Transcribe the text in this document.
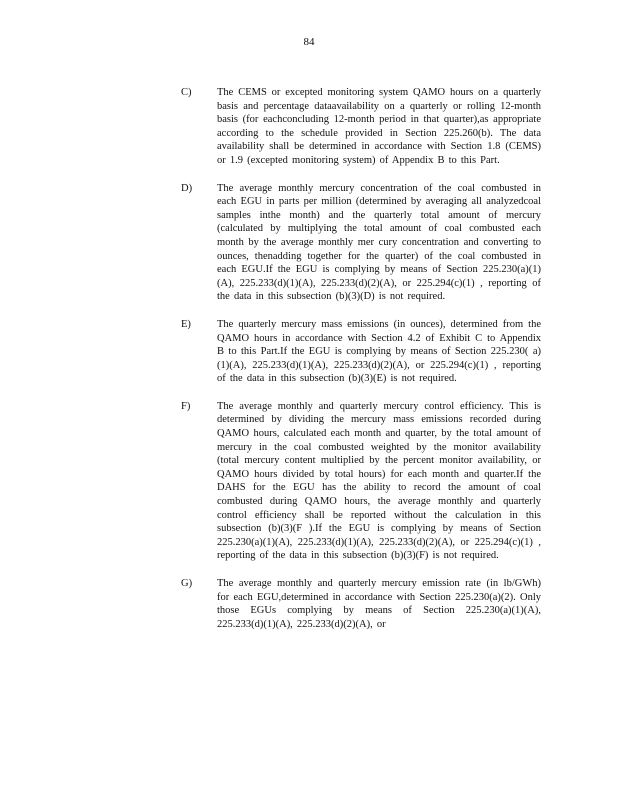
84
C) The CEMS or excepted monitoring system QAMO hours on a quarterly basis and percentage dataavailability on a quarterly or rolling 12-month basis (for eachconcluding 12-month period in that quarter),as appropriate according to the schedule provided in Section 225.260(b). The data availability shall be determined in accordance with Section 1.8 (CEMS) or 1.9 (excepted monitoring system) of Appendix B to this Part.
D) The average monthly mercury concentration of the coal combusted in each EGU in parts per million (determined by averaging all analyzedcoal samples inthe month) and the quarterly total amount of mercury (calculated by multiplying the total amount of coal combusted each month by the average monthly mer cury concentration and converting to ounces, thenadding together for the quarter) of the coal combusted in each EGU.If the EGU is complying by means of Section 225.230(a)(1)(A), 225.233(d)(1)(A), 225.233(d)(2)(A), or 225.294(c)(1) , reporting of the data in this subsection (b)(3)(D) is not required.
E) The quarterly mercury mass emissions (in ounces), determined from the QAMO hours in accordance with Section 4.2 of Exhibit C to Appendix B to this Part.If the EGU is complying by means of Section 225.230( a)(1)(A), 225.233(d)(1)(A), 225.233(d)(2)(A), or 225.294(c)(1) , reporting of the data in this subsection (b)(3)(E) is not required.
F)	The average monthly and quarterly mercury control efficiency. This is determined by dividing the mercury mass emissions recorded during QAMO hours, calculated each month and quarter, by the total amount of mercury in the coal combusted weighted by the monitor availability (total mercury content multiplied by the percent monitor availability, or QAMO hours divided by total hours) for each month and quarter.If the DAHS for the EGU has the ability to record the amount of coal combusted during QAMO hours, the average monthly and quarterly control efficiency shall be reported without the calculation in this subsection (b)(3)(F ).If the EGU is complying by means of Section 225.230(a)(1)(A), 225.233(d)(1)(A), 225.233(d)(2)(A), or 225.294(c)(1) , reporting of the data in this subsection (b)(3)(F) is not required.
G) The average monthly and quarterly mercury emission rate (in lb/GWh) for each EGU,determined in accordance with Section 225.230(a)(2). Only those EGUs complying by means of Section 225.230(a)(1)(A), 225.233(d)(1)(A), 225.233(d)(2)(A), or
